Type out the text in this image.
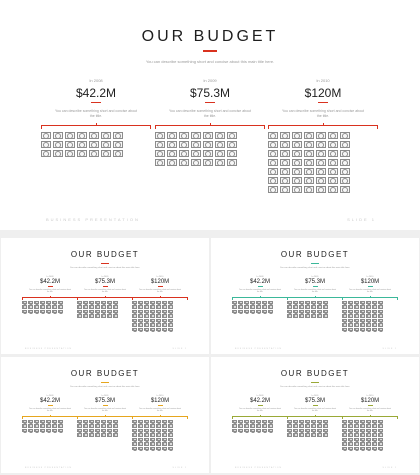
OUR BUDGET
You can describe something short and concise about this main title here.
In 2008
$42.2M
You can describe something short and concise about the title.
In 2009
$75.3M
You can describe something short and concise about the title.
In 2010
$120M
You can describe something short and concise about the title.
BUSINESS PRESENTATION	SLIDE 1
OUR BUDGET
You can describe something short and concise about this main title here.
In 2008
$42.2M
You can describe something short and concise about the title.
In 2009
$75.3M
You can describe something short and concise about the title.
In 2010
$120M
You can describe something short and concise about the title.
BUSINESS PRESENTATION	SLIDE 1
OUR BUDGET
You can describe something short and concise about this main title here.
In 2008
$42.2M
You can describe something short and concise about the title.
In 2009
$75.3M
You can describe something short and concise about the title.
In 2010
$120M
You can describe something short and concise about the title.
BUSINESS PRESENTATION	SLIDE 1
OUR BUDGET
You can describe something short and concise about this main title here.
In 2008
$42.2M
You can describe something short and concise about the title.
In 2009
$75.3M
You can describe something short and concise about the title.
In 2010
$120M
You can describe something short and concise about the title.
BUSINESS PRESENTATION	SLIDE 1
OUR BUDGET
You can describe something short and concise about this main title here.
In 2008
$42.2M
You can describe something short and concise about the title.
In 2009
$75.3M
You can describe something short and concise about the title.
In 2010
$120M
You can describe something short and concise about the title.
BUSINESS PRESENTATION	SLIDE 1
